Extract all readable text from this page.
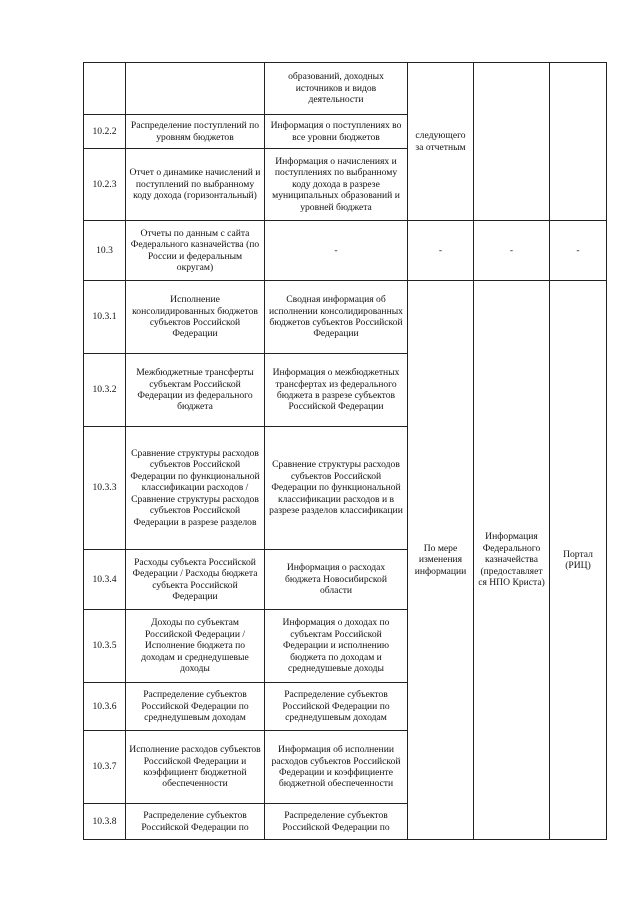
		образований, доходных источников и видов деятельности	следующего за отчетным		
10.2.2	Распределение поступлений по уровням бюджетов	Информация о поступлениях во все уровни бюджетов			
10.2.3	Отчет о динамике начислений и поступлений по выбранному коду дохода (горизонтальный)	Информация о начислениях и поступлениях по выбранному коду дохода в разрезе муниципальных образований и уровней бюджета			
10.3	Отчеты по данным с сайта Федерального казначейства (по России и федеральным округам)	-	-	-	-
10.3.1	Исполнение консолидированных бюджетов субъектов Российской Федерации	Сводная информация об исполнении консолидированных бюджетов субъектов Российской Федерации	По мере изменения информации	Информация Федерального казначейства (предоставляет ся НПО Криста)	Портал (РИЦ)
10.3.2	Межбюджетные трансферты субъектам Российской Федерации из федерального бюджета	Информация о межбюджетных трансфертах из федерального бюджета в разрезе субъектов Российской Федерации			
10.3.3	Сравнение структуры расходов субъектов Российской Федерации по функциональной классификации расходов / Сравнение структуры расходов субъектов Российской Федерации в разрезе разделов	Сравнение структуры расходов субъектов Российской Федерации по функциональной классификации расходов и в разрезе разделов классификации			
10.3.4	Расходы субъекта Российской Федерации / Расходы бюджета субъекта Российской Федерации	Информация о расходах бюджета Новосибирской области			
10.3.5	Доходы по субъектам Российской Федерации / Исполнение бюджета по доходам и среднедушевые доходы	Информация о доходах по субъектам Российской Федерации и исполнению бюджета по доходам и среднедушевые доходы			
10.3.6	Распределение субъектов Российской Федерации по среднедушевым доходам	Распределение субъектов Российской Федерации по среднедушевым доходам			
10.3.7	Исполнение расходов субъектов Российской Федерации и коэффициент бюджетной обеспеченности	Информация об исполнении расходов субъектов Российской Федерации и коэффициенте бюджетной обеспеченности			
10.3.8	Распределение субъектов Российской Федерации по	Распределение субъектов Российской Федерации по			
